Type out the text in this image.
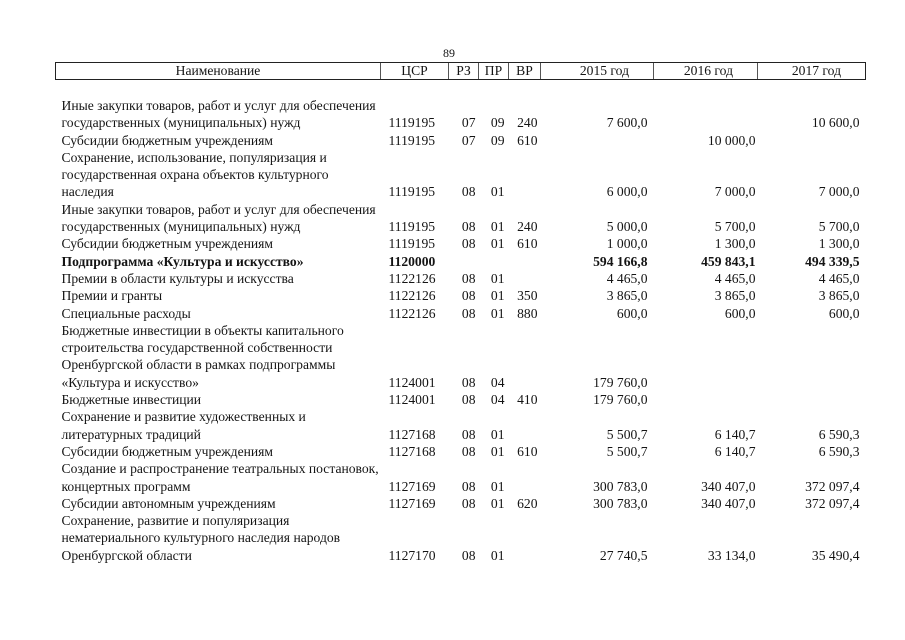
89
Наименование	ЦСР	РЗ	ПР	ВР	2015 год	2016 год	2017 год

Иные закупки товаров, работ и услуг для обеспечения государственных (муниципальных) нужд	1119195	07	09	240	7 600,0		10 600,0
Субсидии бюджетным учреждениям	1119195	07	09	610		10 000,0	
Сохранение, использование, популяризация и государственная охрана объектов культурного наследия	1119195	08	01		6 000,0	7 000,0	7 000,0
Иные закупки товаров, работ и услуг для обеспечения государственных (муниципальных) нужд	1119195	08	01	240	5 000,0	5 700,0	5 700,0
Субсидии бюджетным учреждениям	1119195	08	01	610	1 000,0	1 300,0	1 300,0
Подпрограмма «Культура и искусство»	1120000				594 166,8	459 843,1	494 339,5
Премии в области культуры и искусства	1122126	08	01		4 465,0	4 465,0	4 465,0
Премии и гранты	1122126	08	01	350	3 865,0	3 865,0	3 865,0
Специальные расходы	1122126	08	01	880	600,0	600,0	600,0
Бюджетные инвестиции в объекты капитального строительства государственной собственности Оренбургской области в рамках подпрограммы «Культура и искусство»	1124001	08	04		179 760,0		
Бюджетные инвестиции	1124001	08	04	410	179 760,0		
Сохранение и развитие художественных и литературных традиций	1127168	08	01		5 500,7	6 140,7	6 590,3
Субсидии бюджетным учреждениям	1127168	08	01	610	5 500,7	6 140,7	6 590,3
Создание и распространение театральных постановок, концертных программ	1127169	08	01		300 783,0	340 407,0	372 097,4
Субсидии автономным учреждениям	1127169	08	01	620	300 783,0	340 407,0	372 097,4
Сохранение, развитие и популяризация нематериального культурного наследия народов Оренбургской области	1127170	08	01		27 740,5	33 134,0	35 490,4
